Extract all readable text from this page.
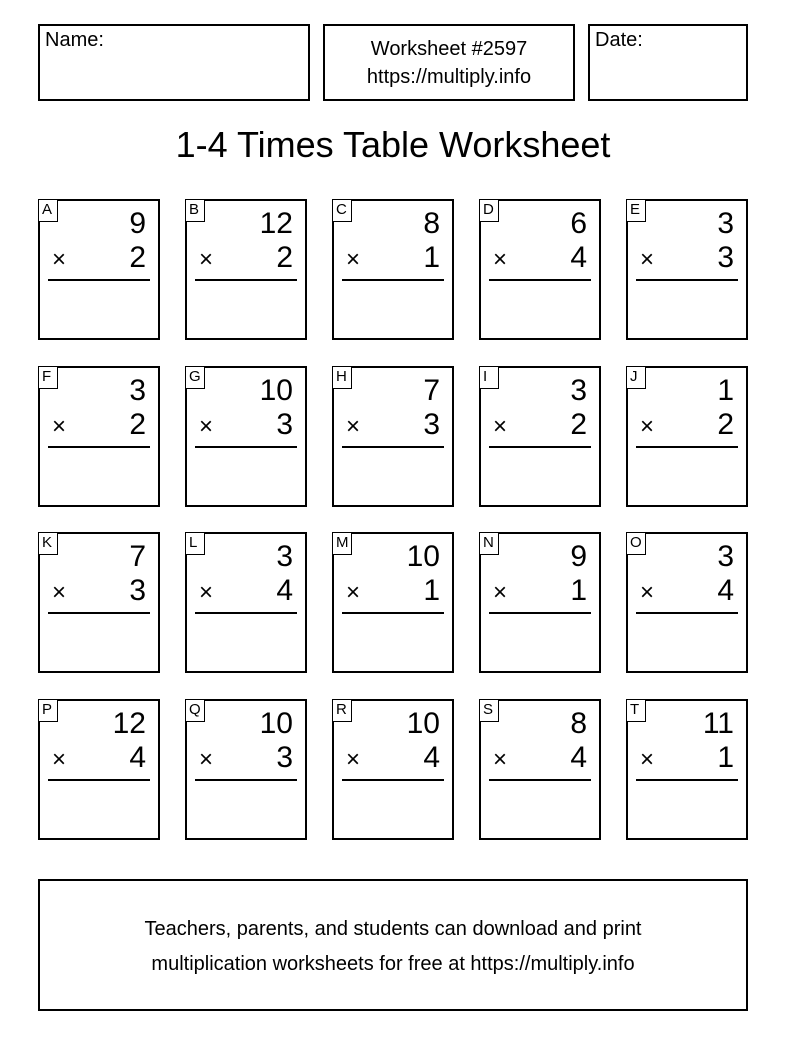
Name:	Worksheet #2597
https://multiply.info
Date:
1-4 Times Table Worksheet
A	9
× 2
B 12
× 2
C	8
× 1
D	6
× 4
E	3
× 3
F	3
× 2
G 10
× 3
H	7
× 3
I	3
× 2
J	1
× 2
K	7
× 3
L	3
× 4
M 10
× 1
N	9
× 1
O	3
× 4
P 12
× 4
Q 10
× 3
R 10
× 4
S	8
× 4
T 11
× 1
Teachers, parents, and students can download and print
multiplication worksheets for free at https://multiply.info
